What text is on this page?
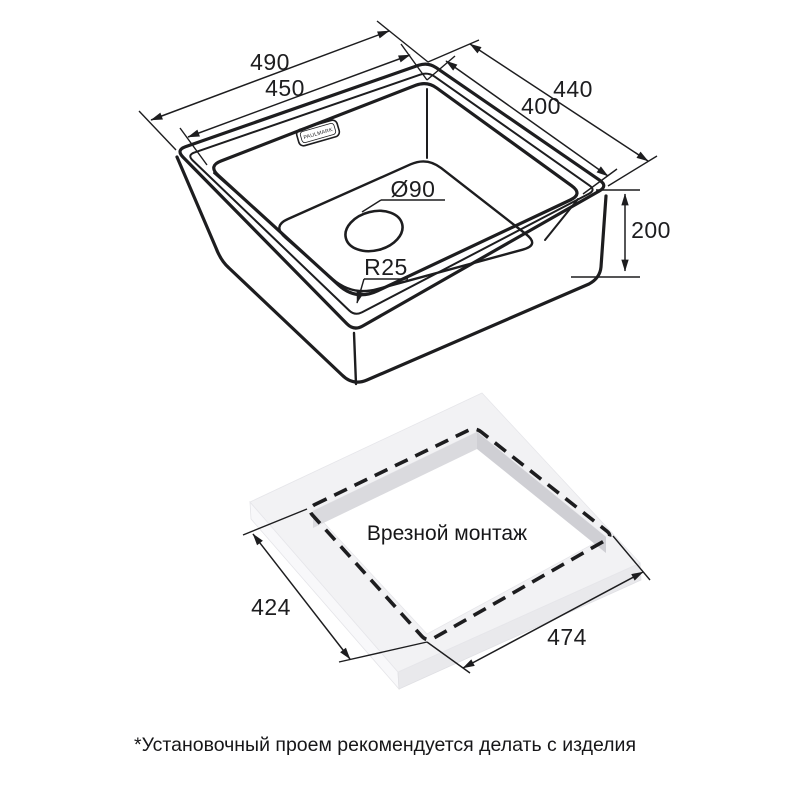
490
450	440
400
200
Ø90
R25
PAULMARK
Врезной монтаж
424
474
*Установочный проем рекомендуется делать с изделия
